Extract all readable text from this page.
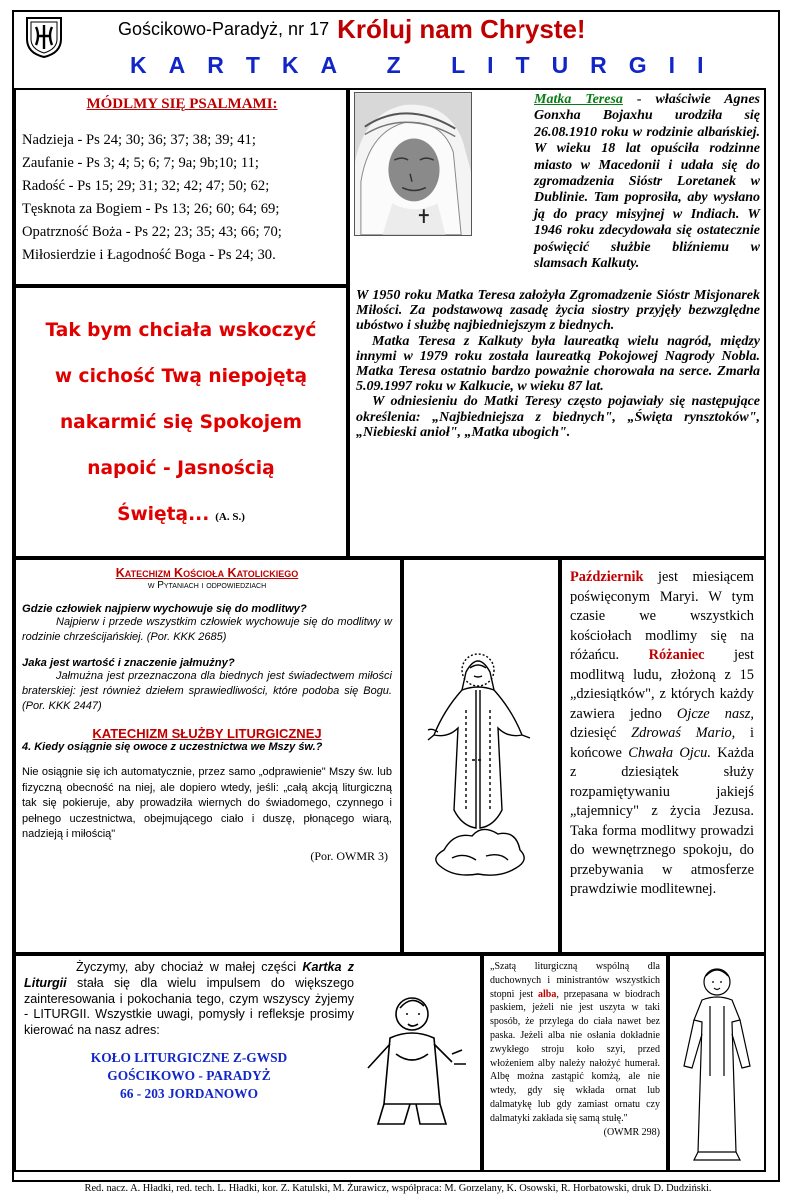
Gościkowo-Paradyż, nr 17 Króluj nam Chryste!
KARTKA Z LITURGII
MÓDLMY SIĘ PSALMAMI:
Nadzieja - Ps 24; 30; 36; 37; 38; 39; 41;
Zaufanie - Ps 3; 4; 5; 6; 7; 9a; 9b;10; 11;
Radość - Ps 15; 29; 31; 32; 42; 47; 50; 62;
Tęsknota za Bogiem - Ps 13; 26; 60; 64; 69;
Opatrzność Boża - Ps 22; 23; 35; 43; 66; 70;
Miłosierdzie i Łagodność Boga - Ps 24; 30.
Tak bym chciała wskoczyć
w cichość Twą niepojętą
nakarmić się Spokojem
napoić - Jasnością
Świętą... (A. S.)
Matka Teresa - właściwie Agnes Gonxha Bojaxhu urodziła się 26.08.1910 roku w rodzinie albańskiej. W wieku 18 lat opuściła rodzinne miasto w Macedonii i udała się do zgromadzenia Sióstr Loretanek w Dublinie. Tam poprosiła, aby wysłano ją do pracy misyjnej w Indiach. W 1946 roku zdecydowała się ostatecznie poświęcić służbie bliźniemu w slamsach Kalkuty.

W 1950 roku Matka Teresa założyła Zgromadzenie Sióstr Misjonarek Miłości. Za podstawową zasadę życia siostry przyjęły bezwzględne ubóstwo i służbę najbiedniejszym z biednych.

Matka Teresa z Kalkuty była laureatką wielu nagród, między innymi w 1979 roku została laureatką Pokojowej Nagrody Nobla. Matka Teresa ostatnio bardzo poważnie chorowała na serce. Zmarła 5.09.1997 roku w Kalkucie, w wieku 87 lat.

W odniesieniu do Matki Teresy często pojawiały się następujące określenia: „Najbiedniejsza z biednych", „Święta rynsztoków", „Niebieski anioł", „Matka ubogich".

Katechizm Kościoła Katolickiego
w Pytaniach i odpowiedziach
Gdzie człowiek najpierw wychowuje się do modlitwy?
Najpierw i przede wszystkim człowiek wychowuje się do modlitwy w rodzinie chrześcijańskiej. (Por. KKK 2685)
Jaka jest wartość i znaczenie jałmużny?
Jałmużna jest przeznaczona dla biednych jest świadectwem miłości braterskiej: jest również dziełem sprawiedliwości, które podoba się Bogu. (Por. KKK 2447)
KATECHIZM SŁUŻBY LITURGICZNEJ
4. Kiedy osiągnie się owoce z uczestnictwa we Mszy św.?
Nie osiągnie się ich automatycznie, przez samo „odprawienie" Mszy św. lub fizyczną obecność na niej, ale dopiero wtedy, jeśli: „całą akcją liturgiczną tak się pokieruje, aby prowadziła wiernych do świadomego, czynnego i pełnego uczestnictwa, obejmującego ciało i duszę, płonącego wiarą, nadzieją i miłością"
(Por. OWMR 3)
Październik jest miesiącem poświęconym Maryi. W tym czasie we wszystkich kościołach modlimy się na różańcu. Różaniec jest modlitwą ludu, złożoną z 15 „dziesiątków", z których każdy zawiera jedno Ojcze nasz, dziesięć Zdrowaś Mario, i końcowe Chwała Ojcu. Każda z dziesiątek służy rozpamiętywaniu jakiejś „tajemnicy" z życia Jezusa. Taka forma modlitwy prowadzi do wewnętrznego spokoju, do przebywania w atmosferze prawdziwie modlitewnej.
Życzymy, aby chociaż w małej części Kartka z Liturgii stała się dla wielu impulsem do większego zainteresowania i pokochania tego, czym wszyscy żyjemy - LITURGII. Wszystkie uwagi, pomysły i refleksje prosimy kierować na nasz adres:
KOŁO LITURGICZNE Z-GWSD
GOŚCIKOWO - PARADYŻ
66 - 203 JORDANOWO
„Szatą liturgiczną wspólną dla duchownych i ministrantów wszystkich stopni jest alba, przepasana w biodrach paskiem, jeżeli nie jest uszyta w taki sposób, że przylega do ciała nawet bez paska. Jeżeli alba nie osłania dokładnie zwykłego stroju koło szyi, przed włożeniem alby należy nałożyć humerał. Albę można zastąpić komżą, ale nie wtedy, gdy się wkłada ornat lub dalmatykę lub gdy zamiast ornatu czy dalmatyki zakłada się samą stułę."
(OWMR 298)
Red. nacz. A. Hładki, red. tech. L. Hładki, kor. Z. Katulski, M. Żurawicz, współpraca: M. Gorzelany, K. Osowski, R. Horbatowski, druk D. Dudziński.
